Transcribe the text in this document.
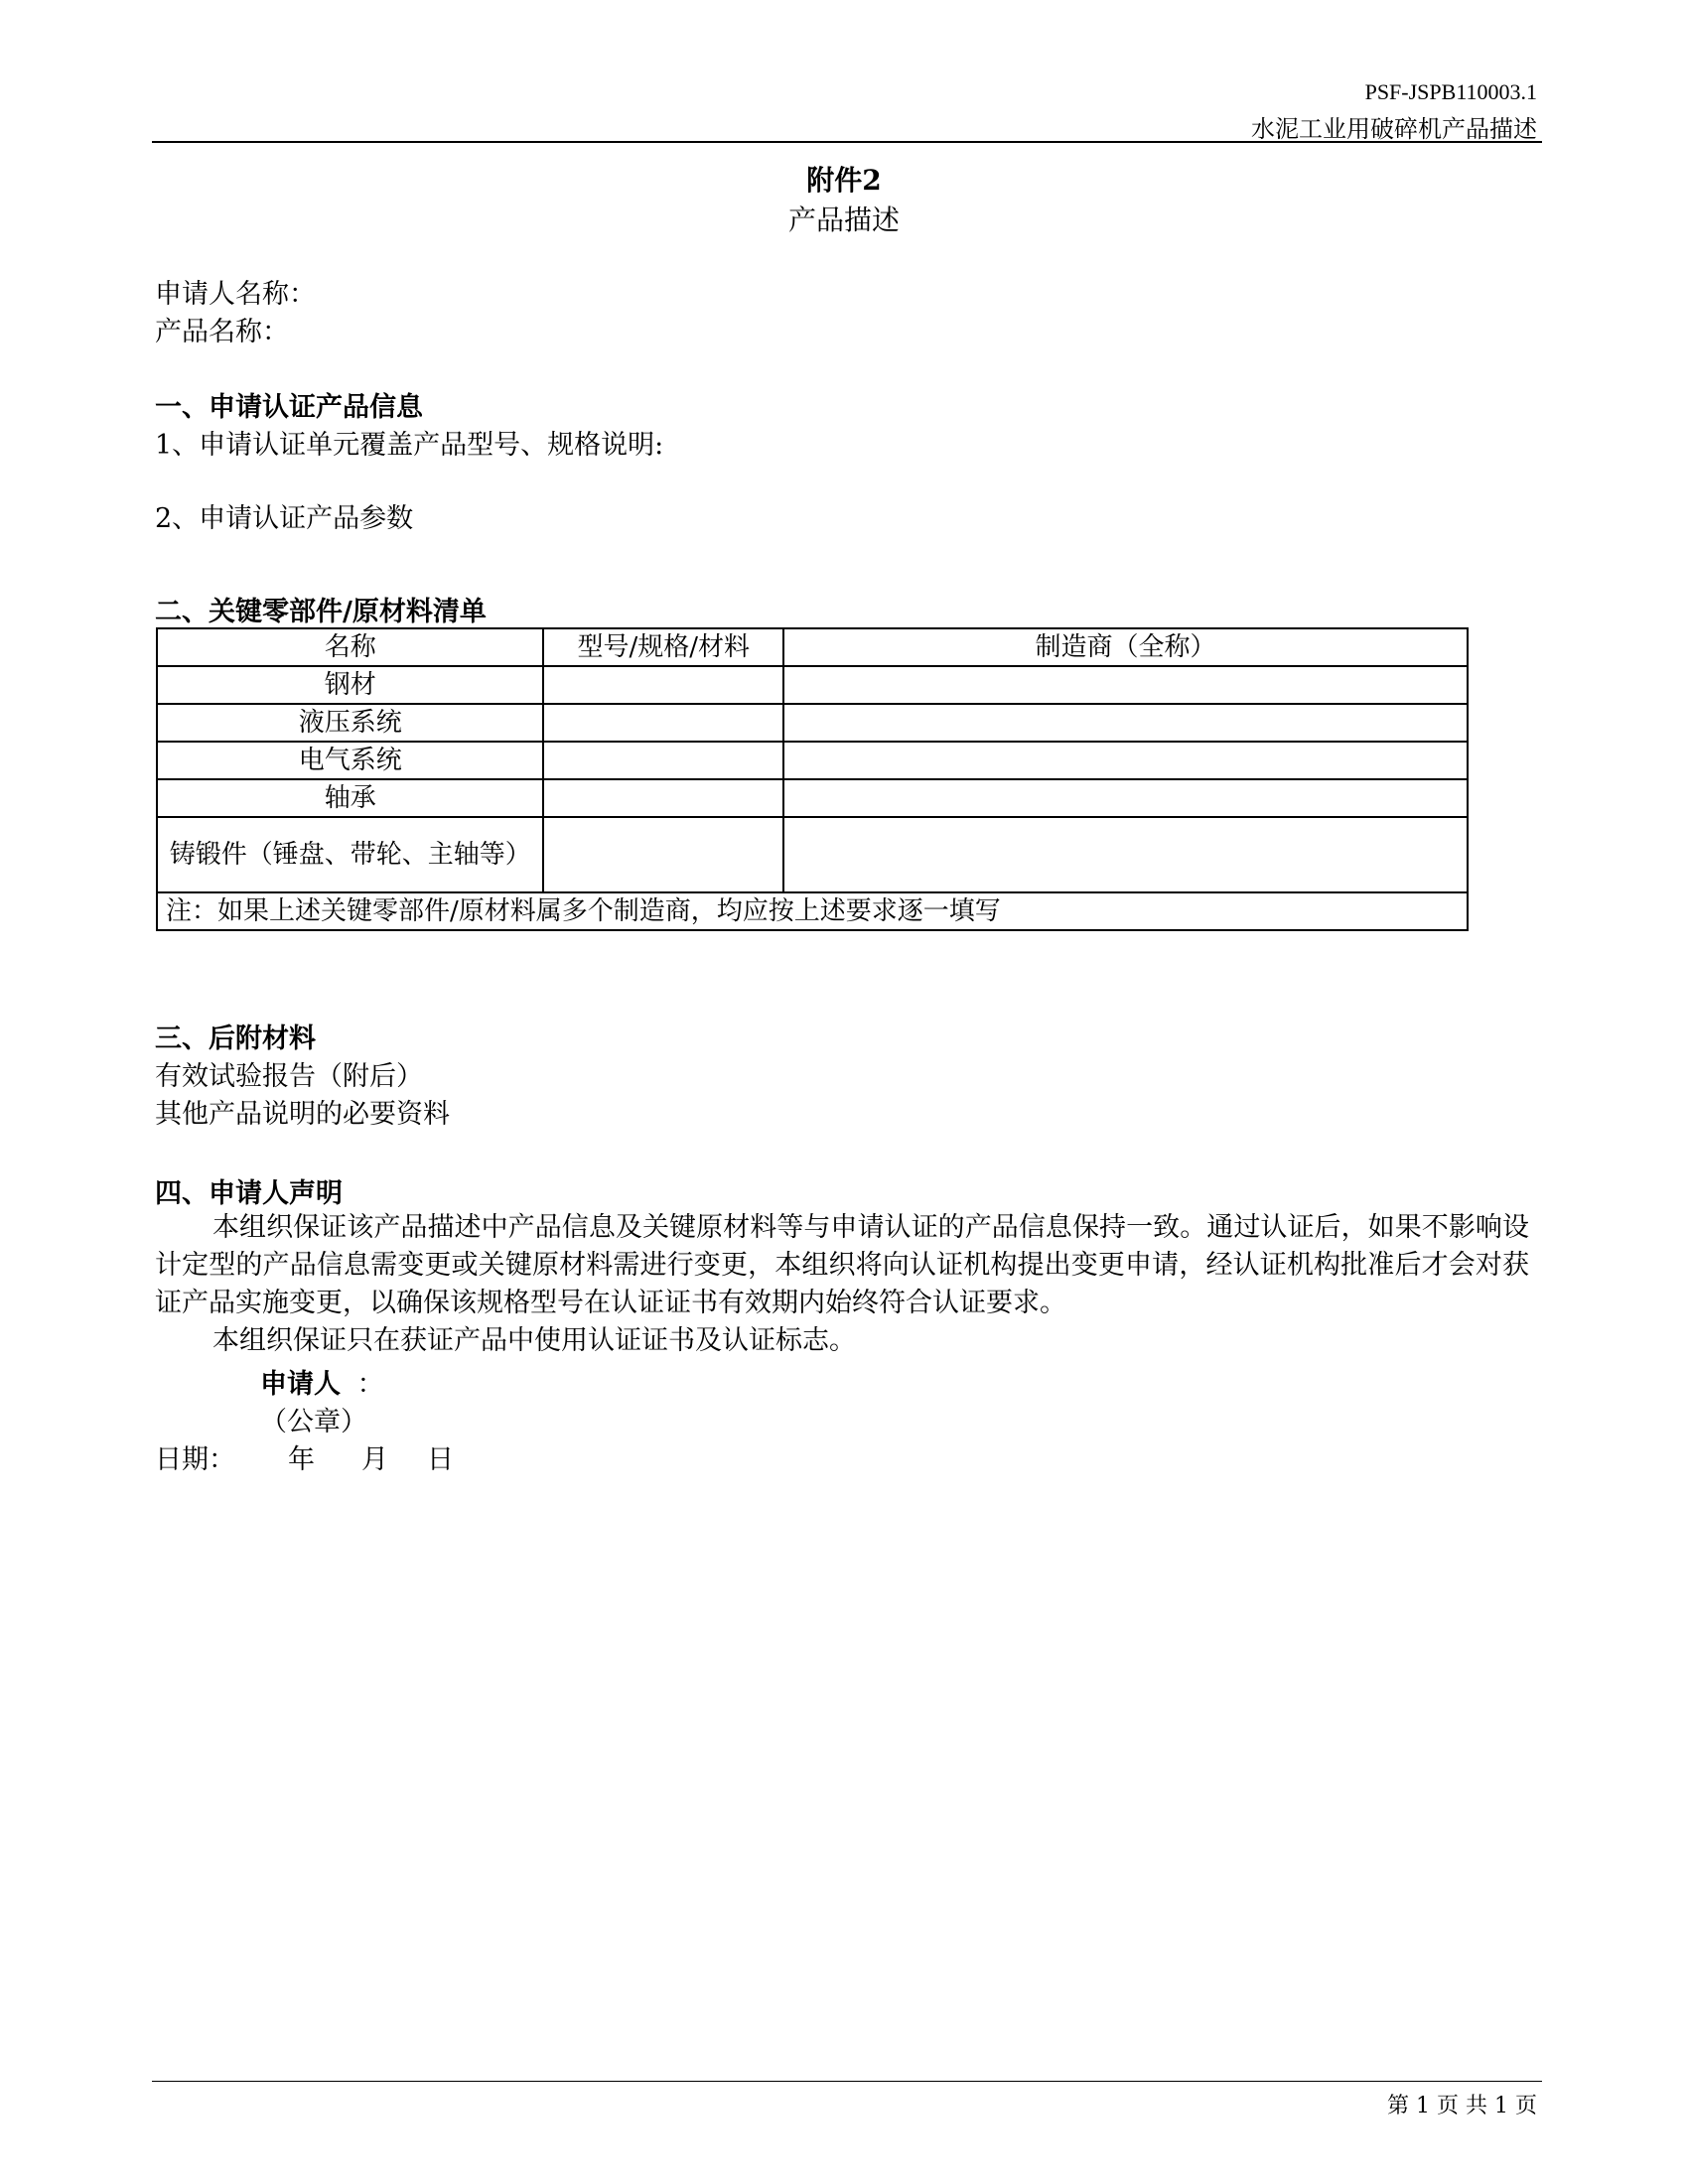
PSF-JSPB110003.1
水泥工业用破碎机产品描述
附件2
产品描述
申请人名称：
产品名称：
一、申请认证产品信息
1、申请认证单元覆盖产品型号、规格说明:
2、申请认证产品参数
二、关键零部件/原材料清单
名称	型号/规格/材料	制造商（全称）
钢材		
液压系统		
电气系统		
轴承		
铸锻件（锤盘、带轮、主轴等）		
注：如果上述关键零部件/原材料属多个制造商，均应按上述要求逐一填写		
三、后附材料
有效试验报告（附后）
其他产品说明的必要资料
四、申请人声明
本组织保证该产品描述中产品信息及关键原材料等与申请认证的产品信息保持一致。通过认证后，如果不影响设计定型的产品信息需变更或关键原材料需进行变更，本组织将向认证机构提出变更申请，经认证机构批准后才会对获证产品实施变更，以确保该规格型号在认证证书有效期内始终符合认证要求。
本组织保证只在获证产品中使用认证证书及认证标志。
申请人 ：
（公章）
日期： 年 月 日
第 1 页 共 1 页
